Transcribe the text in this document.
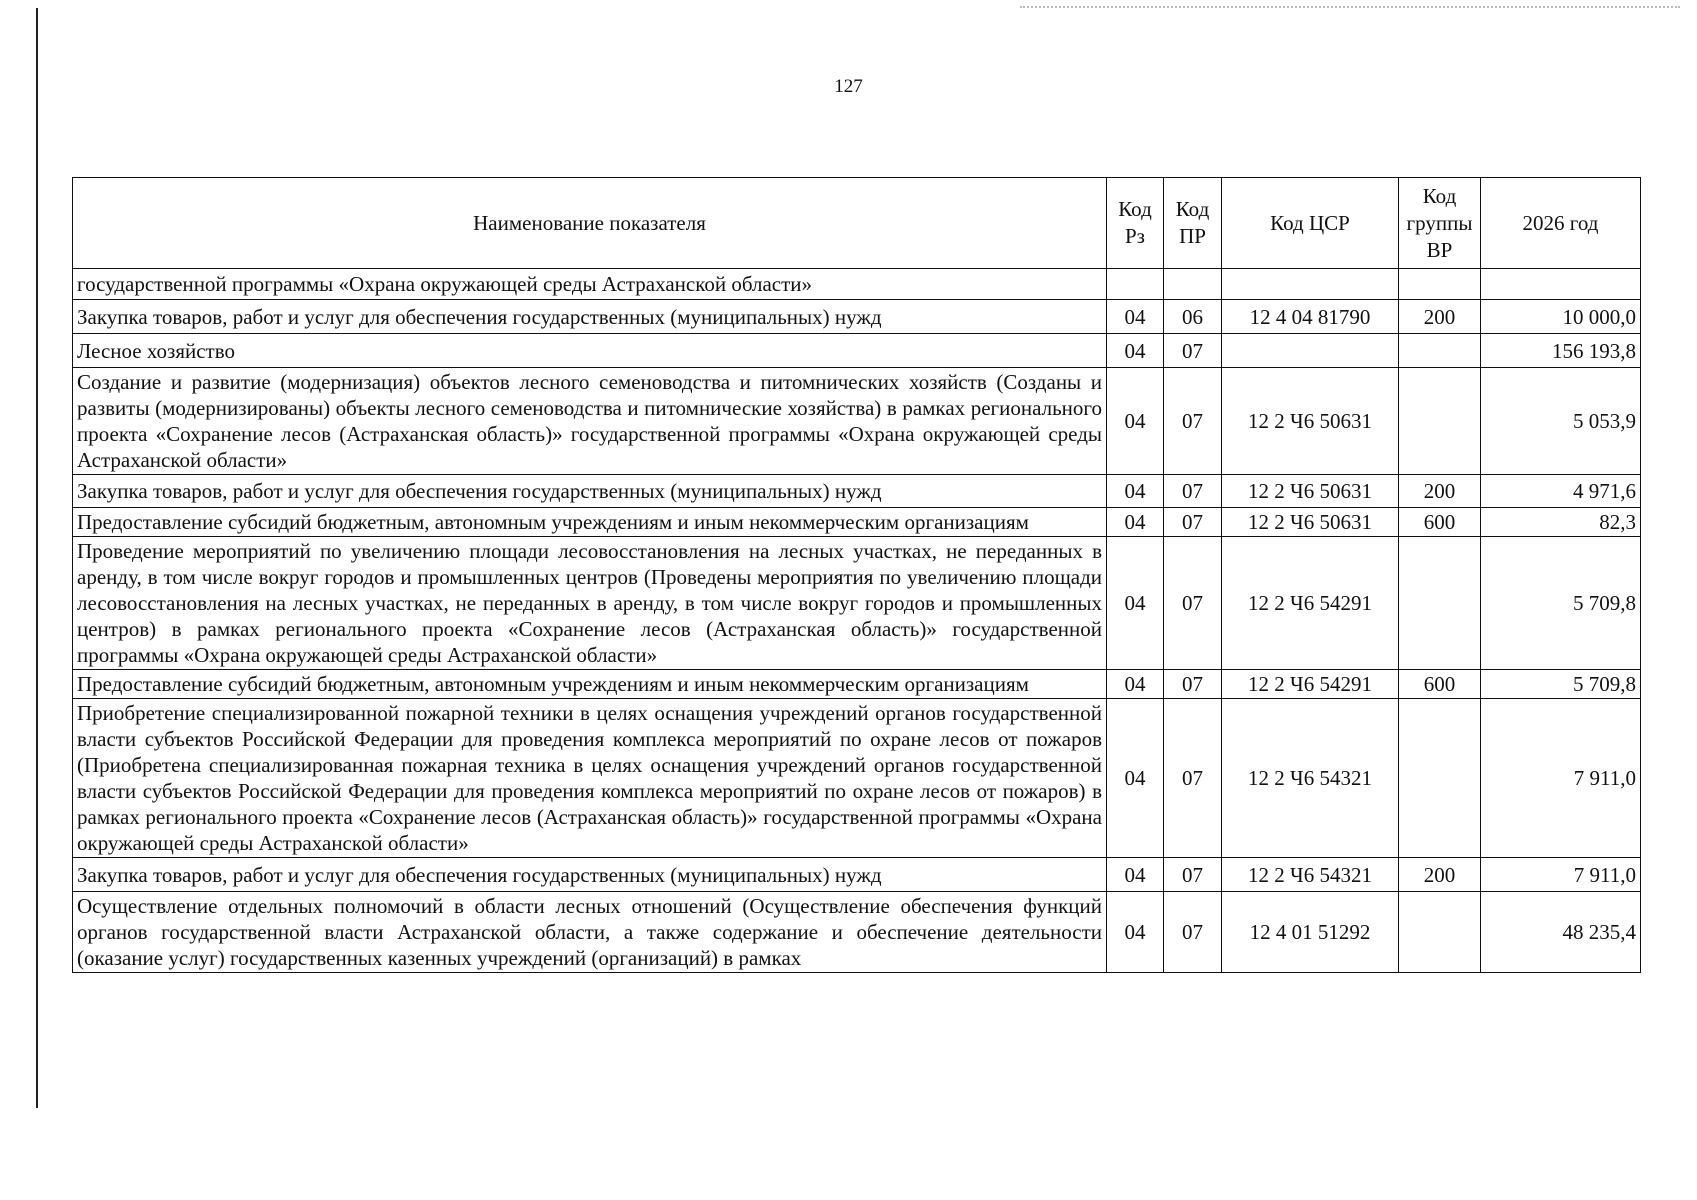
127
Наименование показателя	Код Рз	Код ПР	Код ЦСР	Код группы ВР	2026 год
государственной программы «Охрана окружающей среды Астраханской области»					
Закупка товаров, работ и услуг для обеспечения государственных (муниципальных) нужд	04	06	12 4 04 81790	200	10 000,0
Лесное хозяйство	04	07			156 193,8
Создание и развитие (модернизация) объектов лесного семеноводства и питомнических хозяйств (Созданы и развиты (модернизированы) объекты лесного семеноводства и питомнические хозяйства) в рамках регионального проекта «Сохранение лесов (Астраханская область)» государственной программы «Охрана окружающей среды Астраханской области»	04	07	12 2 Ч6 50631		5 053,9
Закупка товаров, работ и услуг для обеспечения государственных (муниципальных) нужд	04	07	12 2 Ч6 50631	200	4 971,6
Предоставление субсидий бюджетным, автономным учреждениям и иным некоммерческим организациям	04	07	12 2 Ч6 50631	600	82,3
Проведение мероприятий по увеличению площади лесовосстановления на лесных участках, не переданных в аренду, в том числе вокруг городов и промышленных центров (Проведены мероприятия по увеличению площади лесовосстановления на лесных участках, не переданных в аренду, в том числе вокруг городов и промышленных центров) в рамках регионального проекта «Сохранение лесов (Астраханская область)» государственной программы «Охрана окружающей среды Астраханской области»	04	07	12 2 Ч6 54291		5 709,8
Предоставление субсидий бюджетным, автономным учреждениям и иным некоммерческим организациям	04	07	12 2 Ч6 54291	600	5 709,8
Приобретение специализированной пожарной техники в целях оснащения учреждений органов государственной власти субъектов Российской Федерации для проведения комплекса мероприятий по охране лесов от пожаров (Приобретена специализированная пожарная техника в целях оснащения учреждений органов государственной власти субъектов Российской Федерации для проведения комплекса мероприятий по охране лесов от пожаров) в рамках регионального проекта «Сохранение лесов (Астраханская область)» государственной программы «Охрана окружающей среды Астраханской области»	04	07	12 2 Ч6 54321		7 911,0
Закупка товаров, работ и услуг для обеспечения государственных (муниципальных) нужд	04	07	12 2 Ч6 54321	200	7 911,0
Осуществление отдельных полномочий в области лесных отношений (Осуществление обеспечения функций органов государственной власти Астраханской области, а также содержание и обеспечение деятельности (оказание услуг) государственных казенных учреждений (организаций) в рамках	04	07	12 4 01 51292		48 235,4
